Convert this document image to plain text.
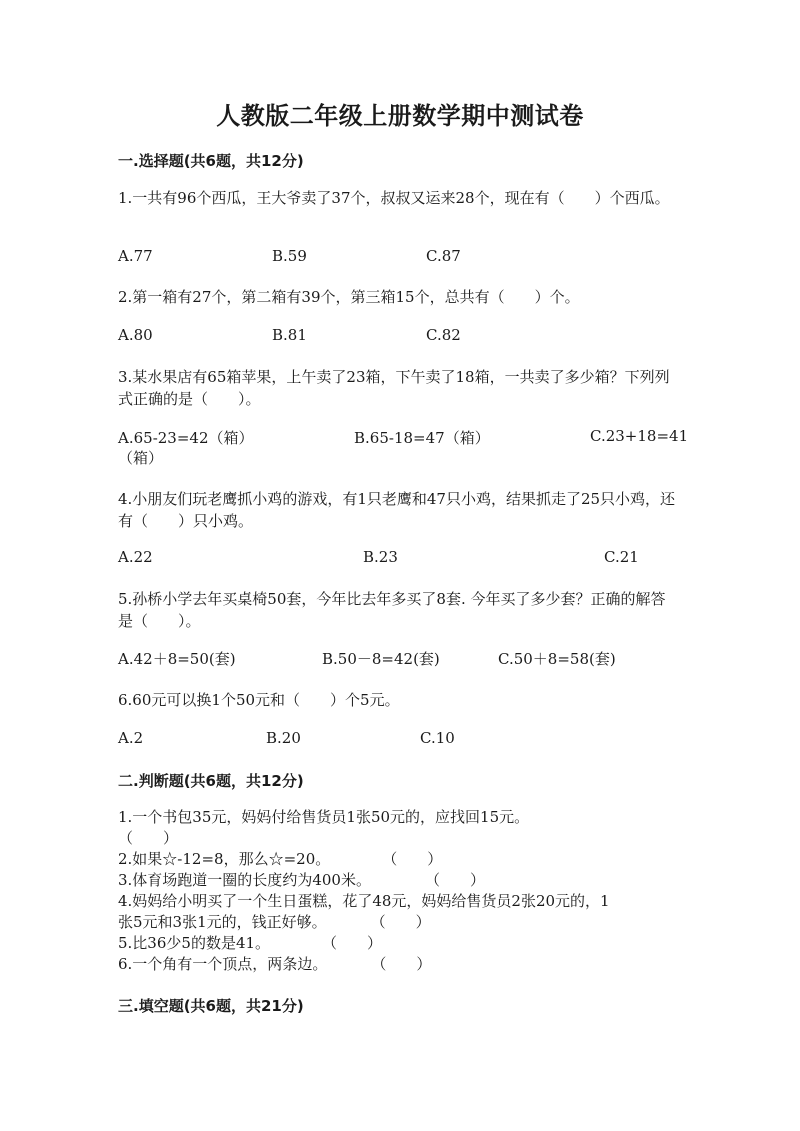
人教版二年级上册数学期中测试卷
一.选择题(共6题，共12分)
1.一共有96个西瓜，王大爷卖了37个，叔叔又运来28个，现在有（　　）个西瓜。
A.77	B.59	C.87
2.第一箱有27个，第二箱有39个，第三箱15个，总共有（　　）个。
A.80	B.81	C.82
3.某水果店有65箱苹果，上午卖了23箱，下午卖了18箱，一共卖了多少箱？下列列式正确的是（　　）。
A.65-23=42（箱）	B.65-18=47（箱）	C.23+18=41
（箱）
4.小朋友们玩老鹰抓小鸡的游戏，有1只老鹰和47只小鸡，结果抓走了25只小鸡，还有（　　）只小鸡。
A.22	B.23	C.21
5.孙桥小学去年买桌椅50套，今年比去年多买了8套. 今年买了多少套？正确的解答是（　　）。
A.42＋8=50(套)	B.50－8=42(套)	C.50＋8=58(套)
6.60元可以换1个50元和（　　）个5元。
A.2	B.20	C.10
二.判断题(共6题，共12分)
1.一个书包35元，妈妈付给售货员1张50元的，应找回15元。
（　　）
2.如果☆-12=8，那么☆=20。	（　　）
3.体育场跑道一圈的长度约为400米。	（　　）
4.妈妈给小明买了一个生日蛋糕，花了48元，妈妈给售货员2张20元的，1
张5元和3张1元的，钱正好够。	（　　）
5.比36少5的数是41。	（　　）
6.一个角有一个顶点，两条边。	（　　）
三.填空题(共6题，共21分)
